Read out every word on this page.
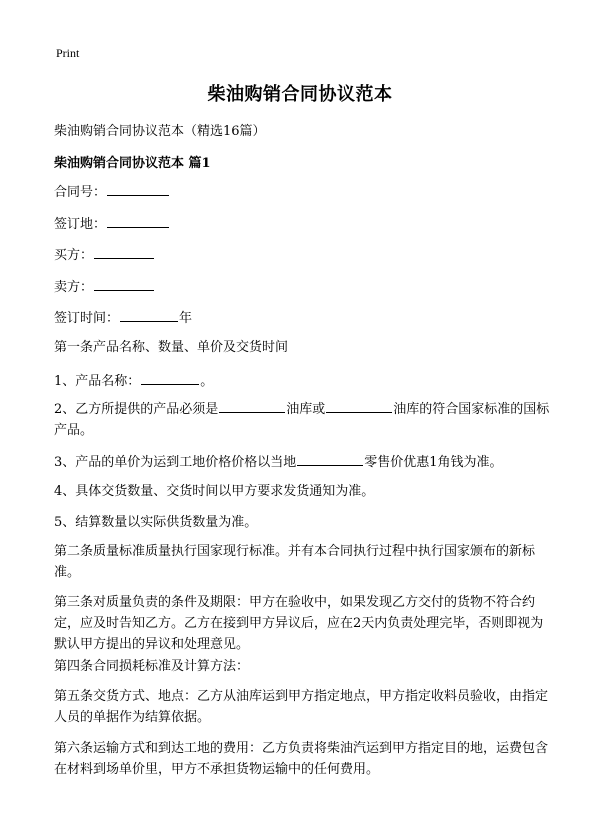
Print
柴油购销合同协议范本
柴油购销合同协议范本（精选16篇）
柴油购销合同协议范本 篇1
合同号：
签订地：
买方：
卖方：
签订时间：	年
第一条产品名称、数量、单价及交货时间
1、产品名称：	。
2、乙方所提供的产品必须是	油库或	油库的符合国家标准的国标产品。
3、产品的单价为运到工地价格价格以当地	零售价优惠1角钱为准。
4、具体交货数量、交货时间以甲方要求发货通知为准。
5、结算数量以实际供货数量为准。
第二条质量标准质量执行国家现行标准。并有本合同执行过程中执行国家颁布的新标准。
第三条对质量负责的条件及期限：甲方在验收中，如果发现乙方交付的货物不符合约定，应及时告知乙方。乙方在接到甲方异议后，应在2天内负责处理完毕，否则即视为默认甲方提出的异议和处理意见。
第四条合同损耗标准及计算方法：
第五条交货方式、地点：乙方从油库运到甲方指定地点，甲方指定收料员验收，由指定人员的单据作为结算依据。
第六条运输方式和到达工地的费用：乙方负责将柴油汽运到甲方指定目的地，运费包含在材料到场单价里，甲方不承担货物运输中的任何费用。
